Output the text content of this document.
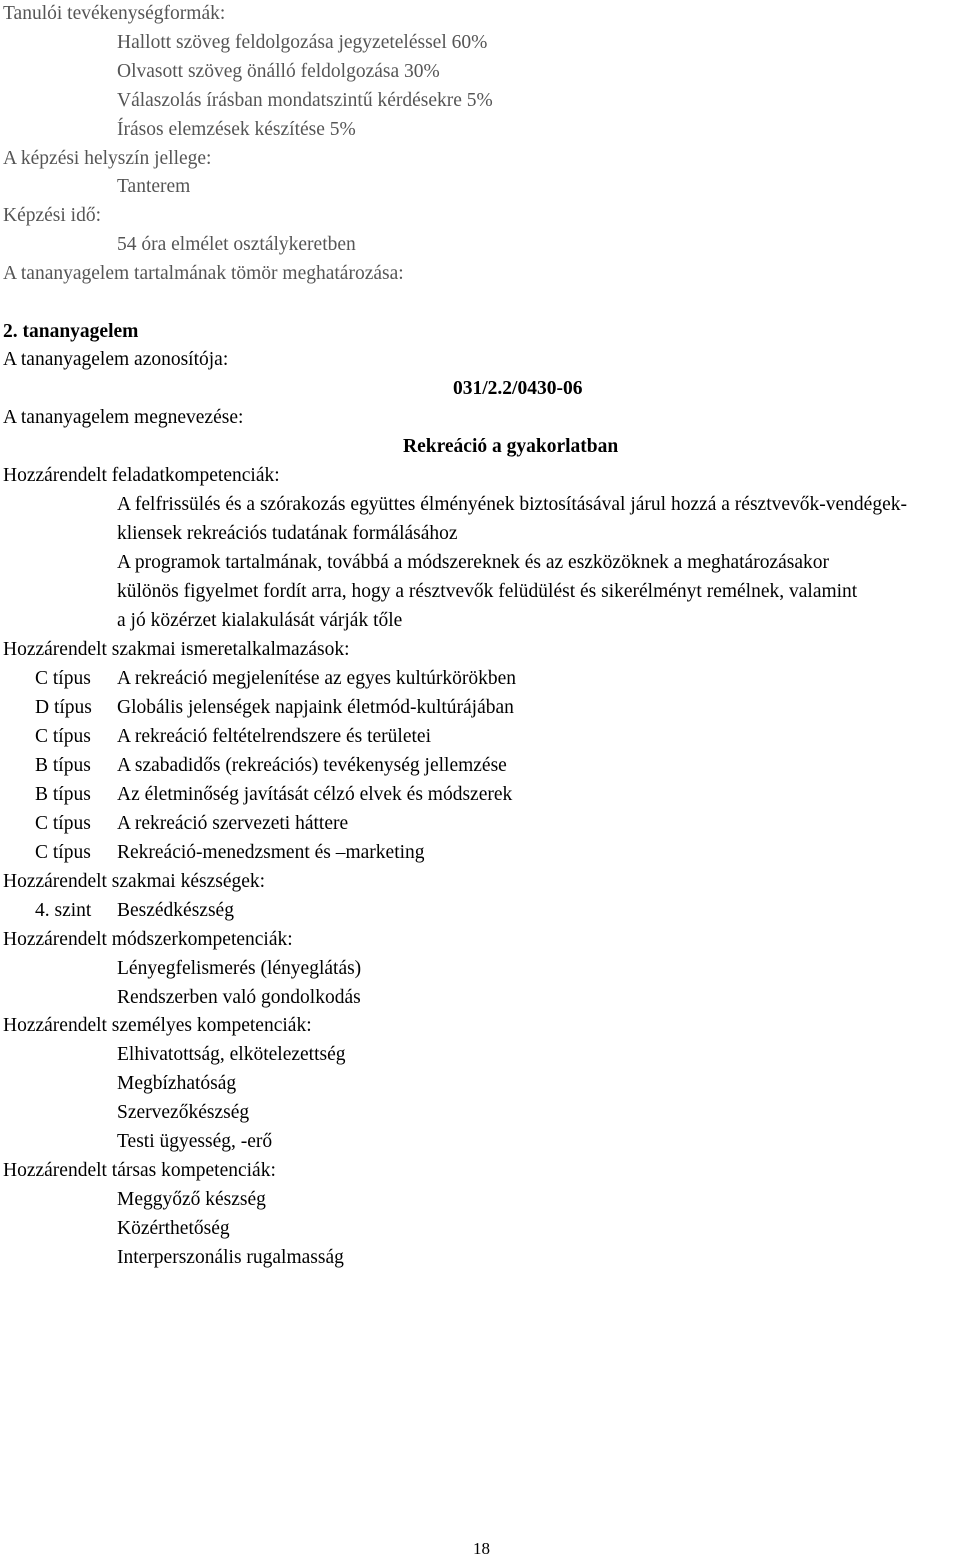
Tanulói tevékenységformák:

Hallott szöveg feldolgozása jegyzeteléssel 60%

Olvasott szöveg önálló feldolgozása 30%

Válaszolás írásban mondatszintű kérdésekre 5%

Írásos elemzések készítése 5%

A képzési helyszín jellege:

Tanterem

Képzési idő:

54 óra elmélet osztálykeretben

A tananyagelem tartalmának tömör meghatározása:

2. tananyagelem

A tananyagelem azonosítója:

031/2.2/0430-06

A tananyagelem megnevezése:

Rekreáció a gyakorlatban

Hozzárendelt feladatkompetenciák:

A felfrissülés és a szórakozás együttes élményének biztosításával járul hozzá a résztvevők-vendégek-kliensek rekreációs tudatának formálásához

A programok tartalmának, továbbá a módszereknek és az eszközöknek a meghatározásakor különös figyelmet fordít arra, hogy a résztvevők felüdülést és sikerélményt remélnek, valamint a jó közérzet kialakulását várják tőle

Hozzárendelt szakmai ismeretalkalmazások:

C típus A rekreáció megjelenítése az egyes kultúrkörökben

D típus Globális jelenségek napjaink életmód-kultúrájában

C típus A rekreáció feltételrendszere és területei

B típus A szabadidős (rekreációs) tevékenység jellemzése

B típus Az életminőség javítását célzó elvek és módszerek

C típus A rekreáció szervezeti háttere

C típus Rekreáció-menedzsment és –marketing

Hozzárendelt szakmai készségek:

4. szint Beszédkészség

Hozzárendelt módszerkompetenciák:

Lényegfelismerés (lényeglátás)

Rendszerben való gondolkodás

Hozzárendelt személyes kompetenciák:

Elhivatottság, elkötelezettség

Megbízhatóság

Szervezőkészség

Testi ügyesség, -erő

Hozzárendelt társas kompetenciák:

Meggyőző készség

Közérthetőség

Interperszonális rugalmasság

18
